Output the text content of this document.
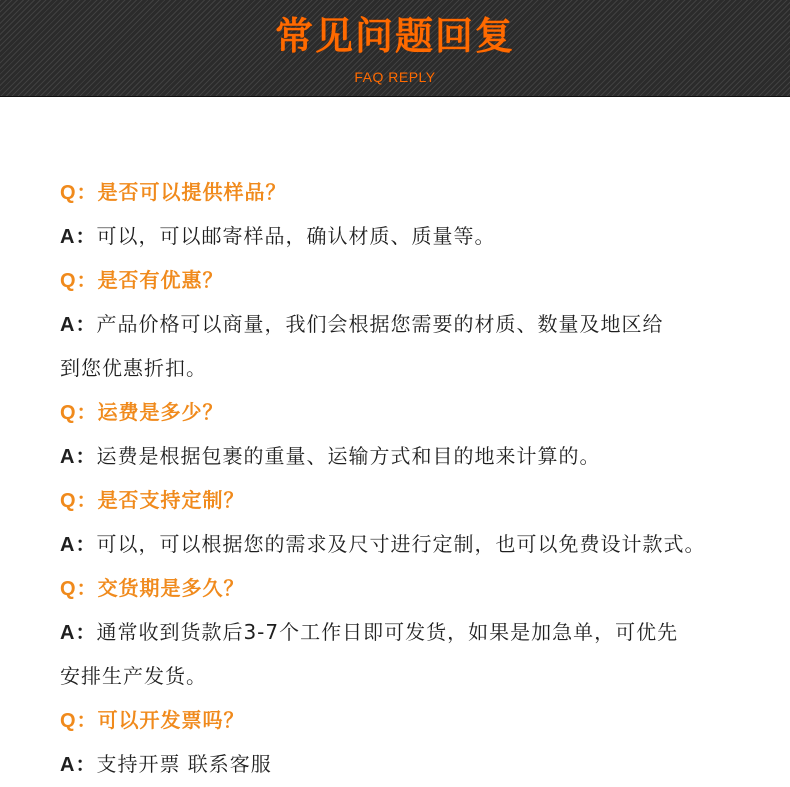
常见问题回复
FAQ REPLY
Q：是否可以提供样品？
A：可以，可以邮寄样品，确认材质、质量等。
Q：是否有优惠？
A：产品价格可以商量，我们会根据您需要的材质、数量及地区给
到您优惠折扣。
Q：运费是多少？
A：运费是根据包裹的重量、运输方式和目的地来计算的。
Q：是否支持定制？
A：可以，可以根据您的需求及尺寸进行定制，也可以免费设计款式。
Q：交货期是多久？
A：通常收到货款后3-7个工作日即可发货，如果是加急单，可优先
安排生产发货。
Q：可以开发票吗？
A：支持开票 联系客服
